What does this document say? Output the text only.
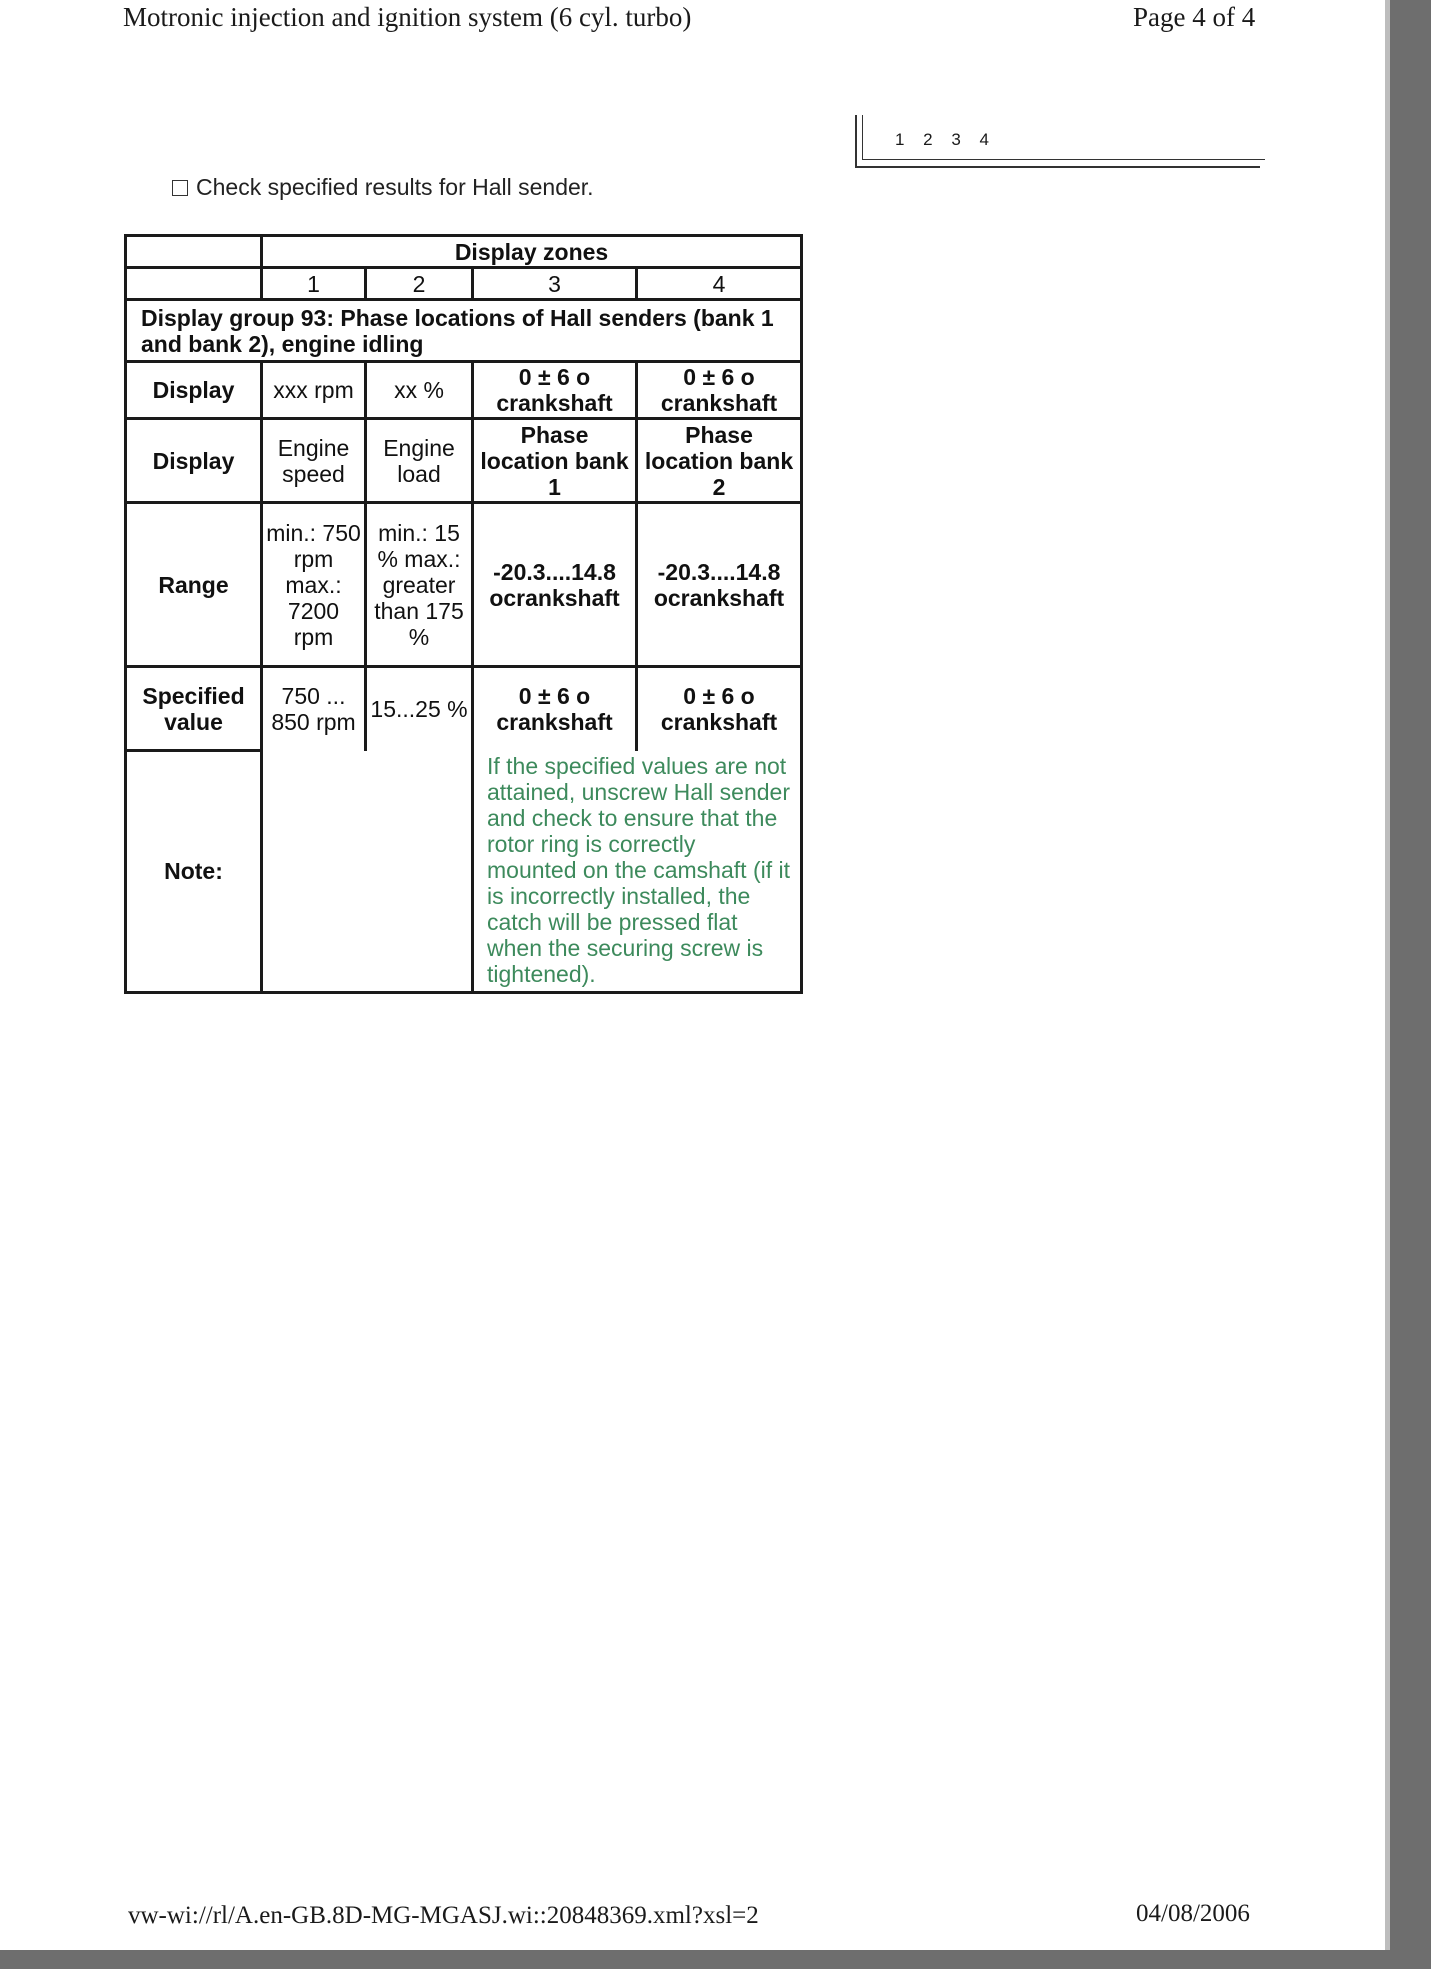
Motronic injection and ignition system (6 cyl. turbo)	Page 4 of 4
1 2 3 4
Check specified results for Hall sender.
	Display zones			
	1	2	3	4
Display group 93: Phase locations of Hall senders (bank 1 and bank 2), engine idling				
Display	xxx rpm	xx %	0 ± 6 o crankshaft	0 ± 6 o crankshaft
Display	Engine speed	Engine load	Phase location bank 1	Phase location bank 2
Range	min.: 750 rpm max.: 7200 rpm	min.: 15 % max.: greater than 175 %	-20.3....14.8 ocrankshaft	-20.3....14.8 ocrankshaft
Specified value	750 ... 850 rpm	15...25 %	0 ± 6 o crankshaft	0 ± 6 o crankshaft
Note:			If the specified values are not attained, unscrew Hall sender and check to ensure that the rotor ring is correctly mounted on the camshaft (if it is incorrectly installed, the catch will be pressed flat when the securing screw is tightened).	
vw-wi://rl/A.en-GB.8D-MG-MGASJ.wi::20848369.xml?xsl=2	04/08/2006
